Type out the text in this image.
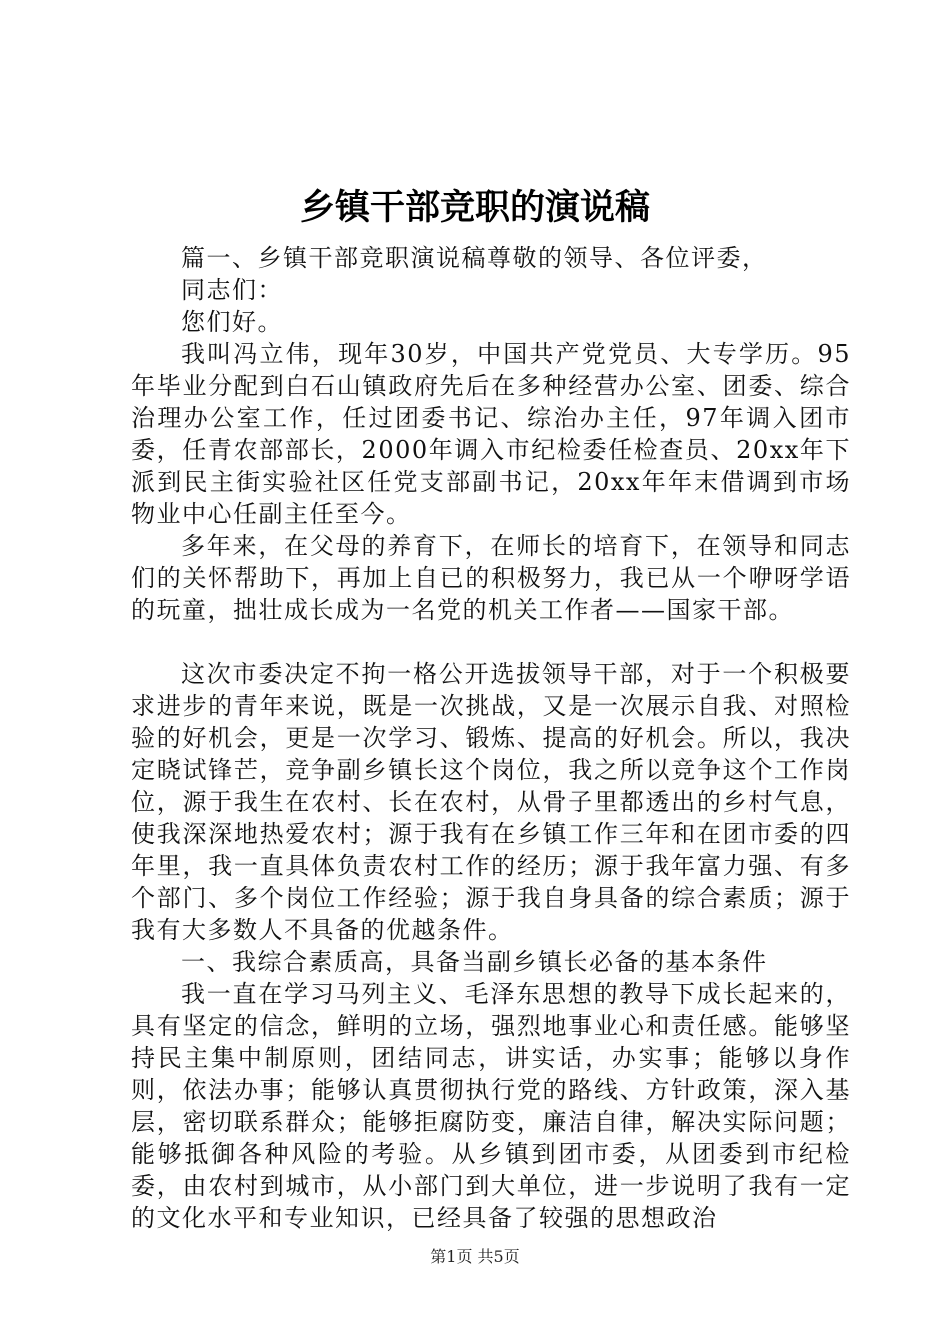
乡镇干部竞职的演说稿

篇一、乡镇干部竞职演说稿尊敬的领导、各位评委，

同志们：

您们好。

我叫冯立伟，现年30岁，中国共产党党员、大专学历。95年毕业分配到白石山镇政府先后在多种经营办公室、团委、综合治理办公室工作，任过团委书记、综治办主任，97年调入团市委，任青农部部长，2000年调入市纪检委任检查员、20xx年下派到民主街实验社区任党支部副书记，20xx年年末借调到市场物业中心任副主任至今。

多年来，在父母的养育下，在师长的培育下，在领导和同志们的关怀帮助下，再加上自已的积极努力，我已从一个咿呀学语的玩童，拙壮成长成为一名党的机关工作者——国家干部。

这次市委决定不拘一格公开选拔领导干部，对于一个积极要求进步的青年来说，既是一次挑战，又是一次展示自我、对照检验的好机会，更是一次学习、锻炼、提高的好机会。所以，我决定晓试锋芒，竞争副乡镇长这个岗位，我之所以竞争这个工作岗位，源于我生在农村、长在农村，从骨子里都透出的乡村气息，使我深深地热爱农村；源于我有在乡镇工作三年和在团市委的四年里，我一直具体负责农村工作的经历；源于我年富力强、有多个部门、多个岗位工作经验；源于我自身具备的综合素质；源于我有大多数人不具备的优越条件。

一、我综合素质高，具备当副乡镇长必备的基本条件

我一直在学习马列主义、毛泽东思想的教导下成长起来的，具有坚定的信念，鲜明的立场，强烈地事业心和责任感。能够坚持民主集中制原则，团结同志，讲实话，办实事；能够以身作则，依法办事；能够认真贯彻执行党的路线、方针政策，深入基层，密切联系群众；能够拒腐防变，廉洁自律，解决实际问题；能够抵御各种风险的考验。从乡镇到团市委，从团委到市纪检委，由农村到城市，从小部门到大单位，进一步说明了我有一定的文化水平和专业知识，已经具备了较强的思想政治

第1页 共5页
